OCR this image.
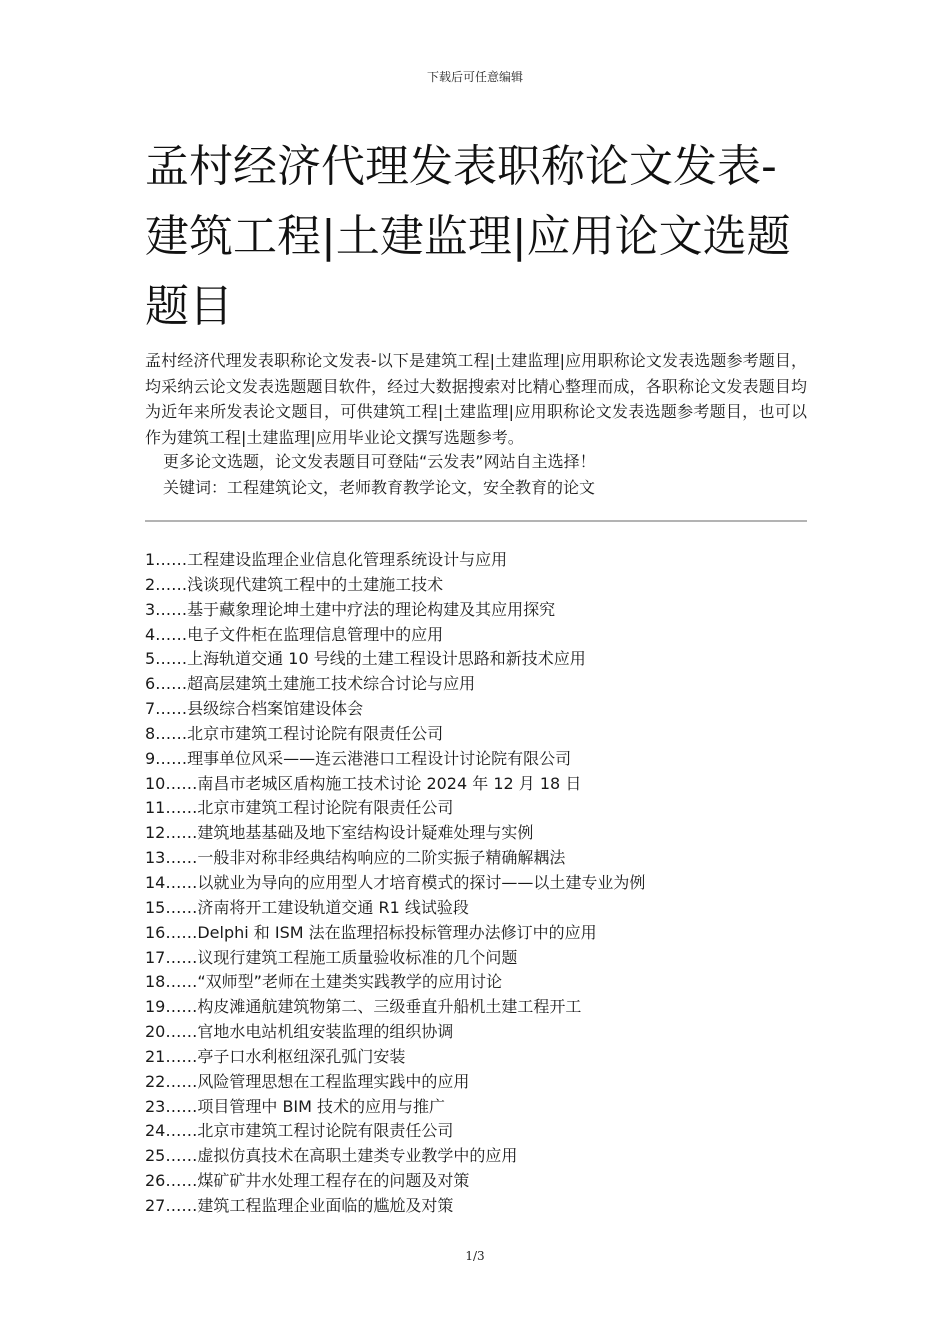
下载后可任意编辑
孟村经济代理发表职称论文发表-建筑工程|土建监理|应用论文选题题目

孟村经济代理发表职称论文发表-以下是建筑工程|土建监理|应用职称论文发表选题参考题目，均采纳云论文发表选题题目软件，经过大数据搜索对比精心整理而成，各职称论文发表题目均为近年来所发表论文题目，可供建筑工程|土建监理|应用职称论文发表选题参考题目，也可以作为建筑工程|土建监理|应用毕业论文撰写选题参考。

更多论文选题，论文发表题目可登陆“云发表”网站自主选择！

关键词：工程建筑论文，老师教育教学论文，安全教育的论文

1……工程建设监理企业信息化管理系统设计与应用
2……浅谈现代建筑工程中的土建施工技术
3……基于藏象理论坤土建中疗法的理论构建及其应用探究
4……电子文件柜在监理信息管理中的应用
5……上海轨道交通 10 号线的土建工程设计思路和新技术应用
6……超高层建筑土建施工技术综合讨论与应用
7……县级综合档案馆建设体会
8……北京市建筑工程讨论院有限责任公司
9……理事单位风采——连云港港口工程设计讨论院有限公司
10……南昌市老城区盾构施工技术讨论 2024 年 12 月 18 日
11……北京市建筑工程讨论院有限责任公司
12……建筑地基基础及地下室结构设计疑难处理与实例
13……一般非对称非经典结构响应的二阶实振子精确解耦法
14……以就业为导向的应用型人才培育模式的探讨——以土建专业为例
15……济南将开工建设轨道交通 R1 线试验段
16……Delphi 和 ISM 法在监理招标投标管理办法修订中的应用
17……议现行建筑工程施工质量验收标准的几个问题
18……“双师型”老师在土建类实践教学的应用讨论
19……构皮滩通航建筑物第二、三级垂直升船机土建工程开工
20……官地水电站机组安装监理的组织协调
21……亭子口水利枢纽深孔弧门安装
22……风险管理思想在工程监理实践中的应用
23……项目管理中 BIM 技术的应用与推广
24……北京市建筑工程讨论院有限责任公司
25……虚拟仿真技术在高职土建类专业教学中的应用
26……煤矿矿井水处理工程存在的问题及对策
27……建筑工程监理企业面临的尴尬及对策
1/3
